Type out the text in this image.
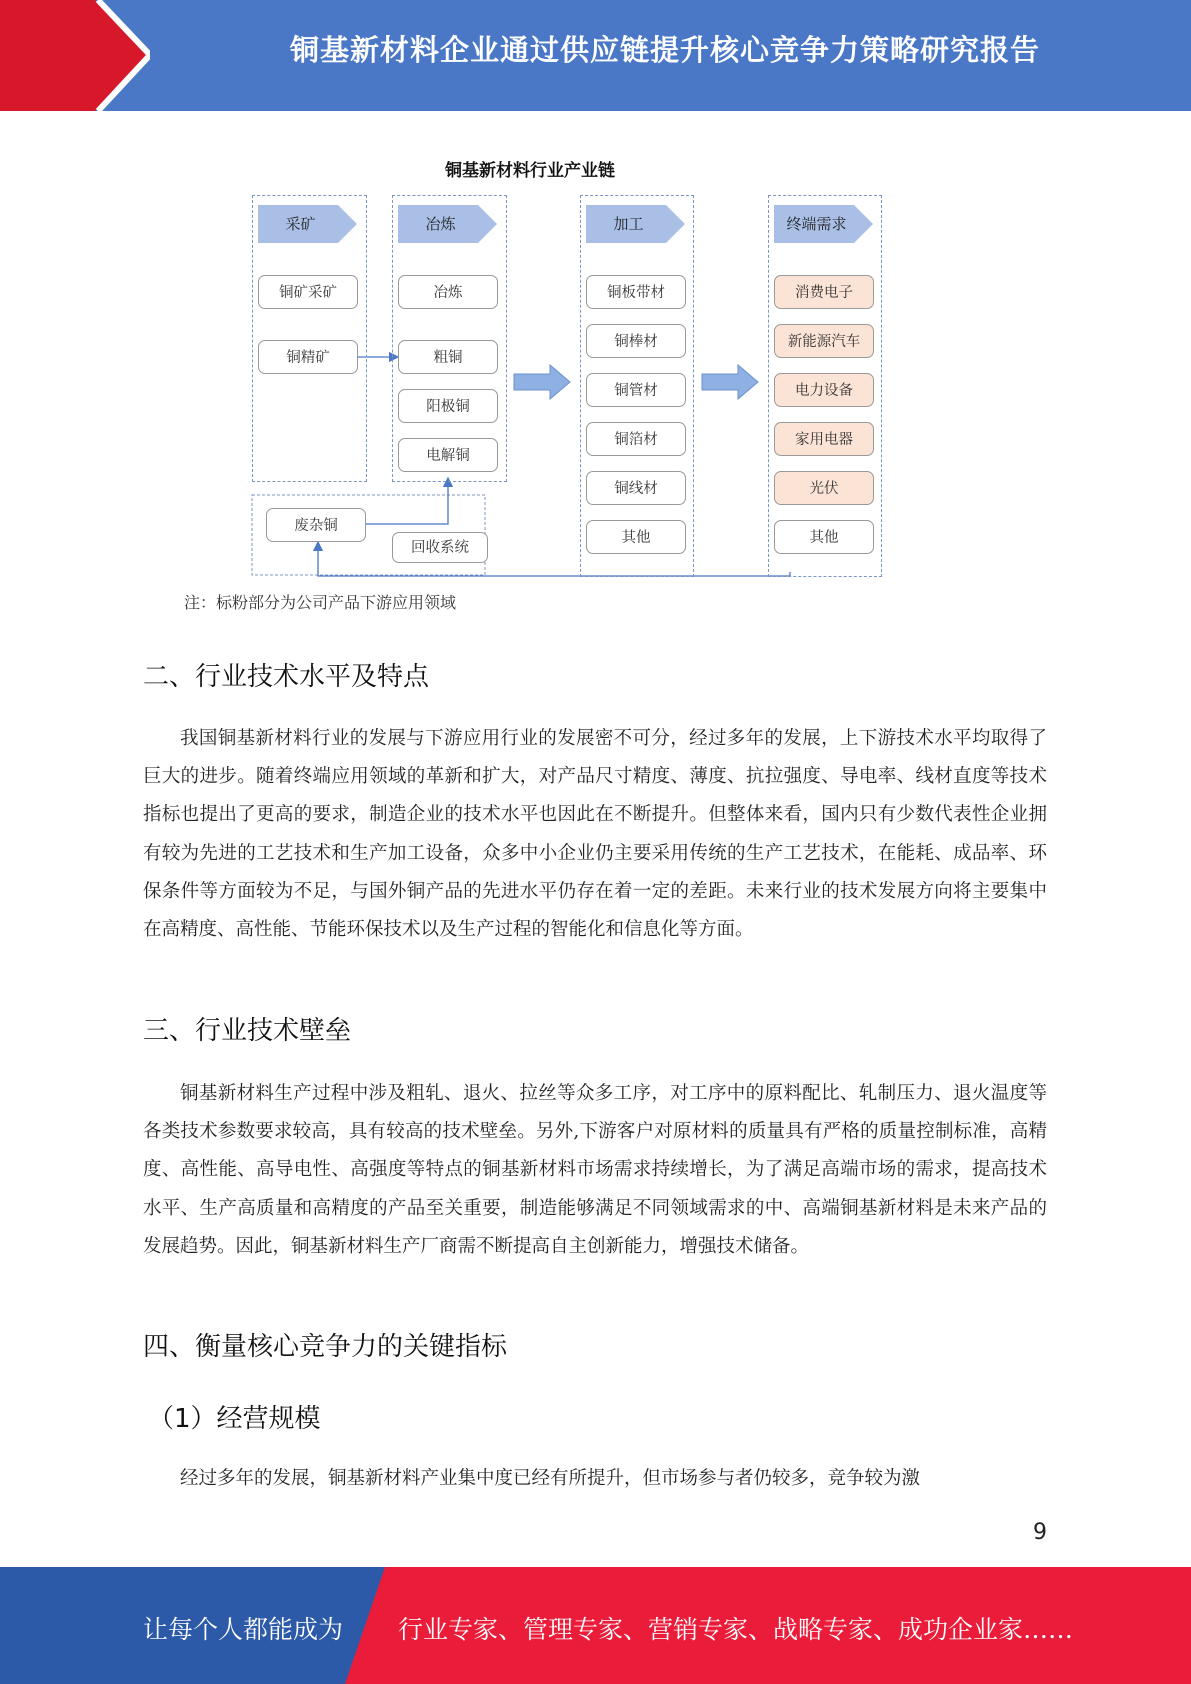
铜基新材料企业通过供应链提升核心竞争力策略研究报告
铜基新材料行业产业链
采矿
铜矿采矿
铜精矿
冶炼
冶炼
粗铜
阳极铜
电解铜
废杂铜
回收系统
加工
铜板带材
铜棒材
铜管材
铜箔材
铜线材
其他
终端需求
消费电子
新能源汽车
电力设备
家用电器
光伏
其他
注：标粉部分为公司产品下游应用领域
二、行业技术水平及特点
我国铜基新材料行业的发展与下游应用行业的发展密不可分，经过多年的发展，上下游技术水平均取得了巨大的进步。随着终端应用领域的革新和扩大，对产品尺寸精度、薄度、抗拉强度、导电率、线材直度等技术指标也提出了更高的要求，制造企业的技术水平也因此在不断提升。但整体来看，国内只有少数代表性企业拥有较为先进的工艺技术和生产加工设备，众多中小企业仍主要采用传统的生产工艺技术，在能耗、成品率、环保条件等方面较为不足，与国外铜产品的先进水平仍存在着一定的差距。未来行业的技术发展方向将主要集中在高精度、高性能、节能环保技术以及生产过程的智能化和信息化等方面。
三、行业技术壁垒
铜基新材料生产过程中涉及粗轧、退火、拉丝等众多工序，对工序中的原料配比、轧制压力、退火温度等各类技术参数要求较高，具有较高的技术壁垒。另外,下游客户对原材料的质量具有严格的质量控制标准，高精度、高性能、高导电性、高强度等特点的铜基新材料市场需求持续增长，为了满足高端市场的需求，提高技术水平、生产高质量和高精度的产品至关重要，制造能够满足不同领域需求的中、高端铜基新材料是未来产品的发展趋势。因此，铜基新材料生产厂商需不断提高自主创新能力，增强技术储备。
四、衡量核心竞争力的关键指标
（1）经营规模
经过多年的发展，铜基新材料产业集中度已经有所提升，但市场参与者仍较多，竞争较为激
9
让每个人都能成为 行业专家、管理专家、营销专家、战略专家、成功企业家……
